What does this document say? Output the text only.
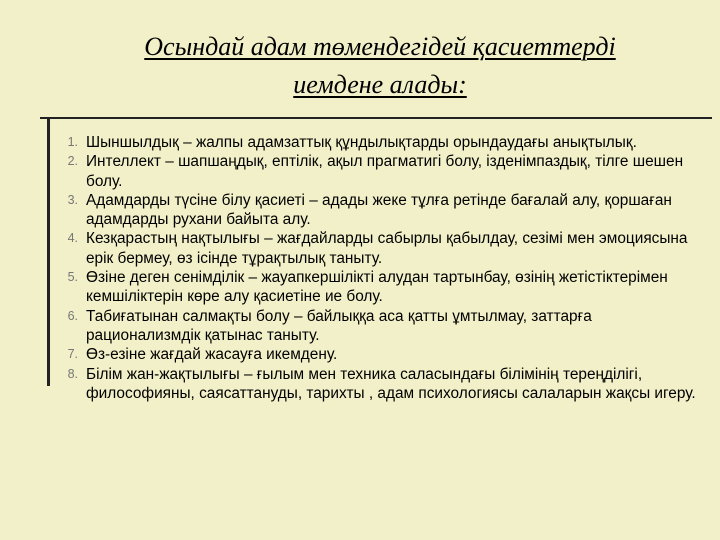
Осындай адам төмендегідей қасиеттерді
иемдене алады:
1. Шыншылдық – жалпы адамзаттық құндылықтарды орындаудағы анықтылық.
2. Интеллект – шапшаңдық, ептілік, ақыл прагматигі болу, ізденімпаздық, тілге шешен болу.
3. Адамдарды түсіне білу қасиеті – адады жеке тұлға ретінде бағалай алу, қоршаған адамдарды рухани байыта алу.
4. Кезқарастың нақтылығы – жағдайларды сабырлы қабылдау, сезімі мен эмоциясына ерік бермеу, өз ісінде тұрақтылық таныту.
5. Өзіне деген сенімділік – жауапкершілікті алудан тартынбау, өзінің жетістіктерімен кемшіліктерін көре алу қасиетіне ие болу.
6. Табиғатынан салмақты болу – байлыққа аса қатты ұмтылмау, заттарға рационализмдік қатынас таныту.
7. Өз-езіне жағдай жасауға икемдену.
8. Білім жан-жақтылығы – ғылым мен техника саласындағы білімінің тереңділігі, философияны, саясаттануды, тарихты , адам психологиясы салаларын жақсы игеру.
